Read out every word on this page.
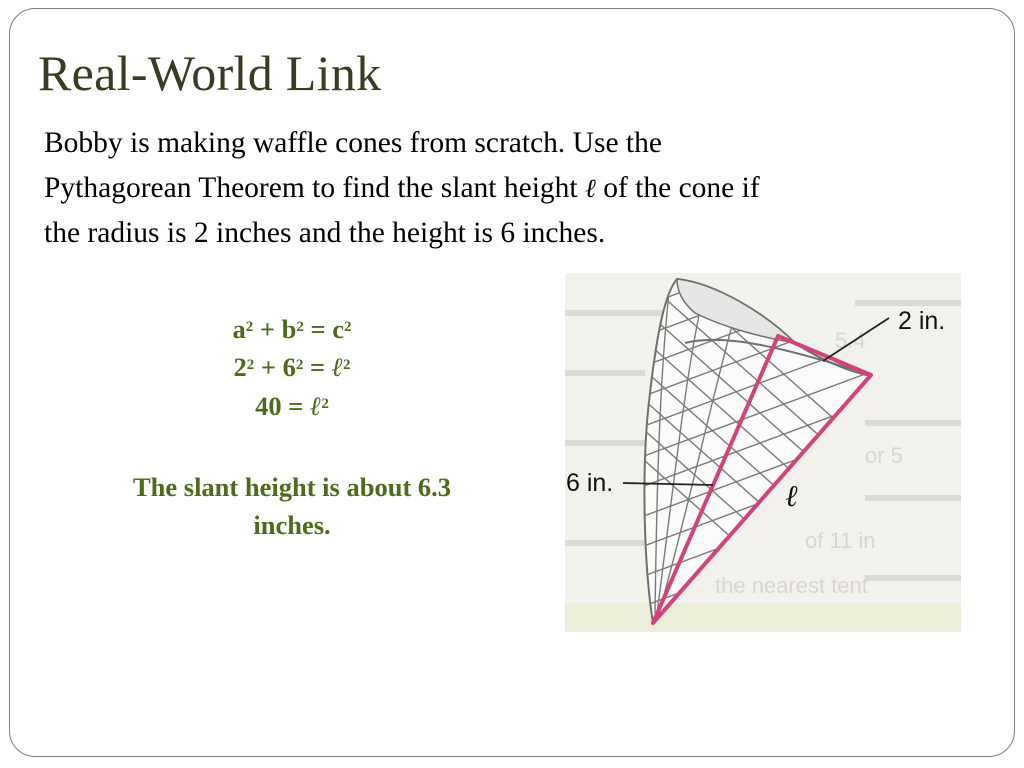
Real-World Link
Bobby is making waffle cones from scratch. Use the
Pythagorean Theorem to find the slant height ℓ of the cone if
the radius is 2 inches and the height is 6 inches.
$a^2 + b^2 = c^2$
$2^2 + 6^2$ = ℓ$^2$
40 = ℓ$^2$
The slant height is about 6.3
inches.
5.4
or 5
of 11 in
the nearest tent
2 in.
6 in.	ℓ
